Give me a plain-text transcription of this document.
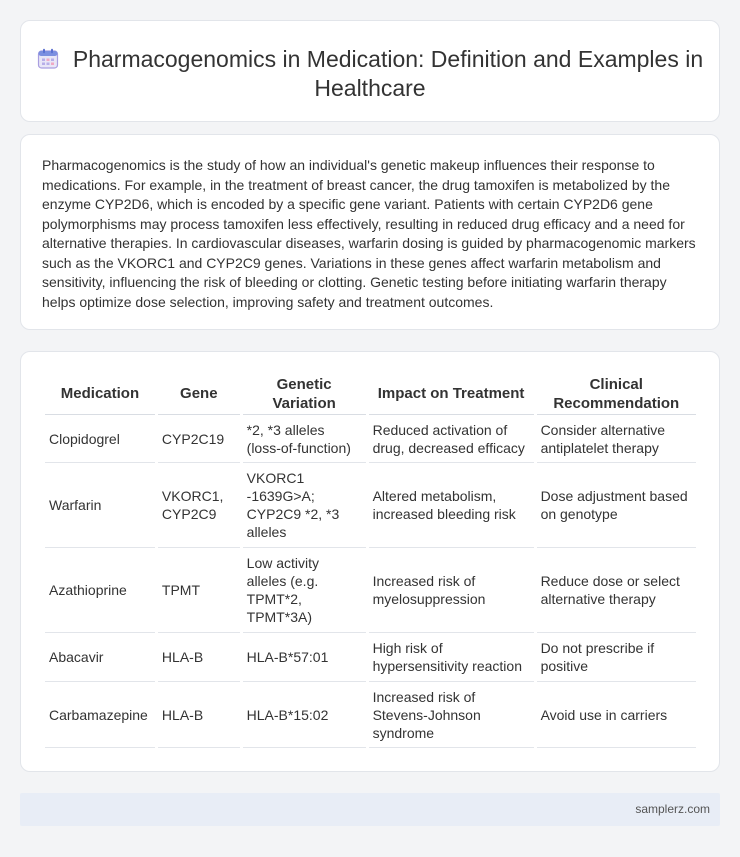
Pharmacogenomics in Medication: Definition and Examples in Healthcare

Pharmacogenomics is the study of how an individual's genetic makeup influences their response to medications. For example, in the treatment of breast cancer, the drug tamoxifen is metabolized by the enzyme CYP2D6, which is encoded by a specific gene variant. Patients with certain CYP2D6 gene polymorphisms may process tamoxifen less effectively, resulting in reduced drug efficacy and a need for alternative therapies. In cardiovascular diseases, warfarin dosing is guided by pharmacogenomic markers such as the VKORC1 and CYP2C9 genes. Variations in these genes affect warfarin metabolism and sensitivity, influencing the risk of bleeding or clotting. Genetic testing before initiating warfarin therapy helps optimize dose selection, improving safety and treatment outcomes.

Medication	Gene	Genetic Variation	Impact on Treatment	Clinical Recommendation
Clopidogrel	CYP2C19	*2, *3 alleles (loss-of-function)	Reduced activation of drug, decreased efficacy	Consider alternative antiplatelet therapy
Warfarin	VKORC1, CYP2C9	VKORC1 -1639G>A; CYP2C9 *2, *3 alleles	Altered metabolism, increased bleeding risk	Dose adjustment based on genotype
Azathioprine	TPMT	Low activity alleles (e.g. TPMT*2, TPMT*3A)	Increased risk of myelosuppression	Reduce dose or select alternative therapy
Abacavir	HLA-B	HLA-B*57:01	High risk of hypersensitivity reaction	Do not prescribe if positive
Carbamazepine	HLA-B	HLA-B*15:02	Increased risk of Stevens-Johnson syndrome	Avoid use in carriers
samplerz.com
